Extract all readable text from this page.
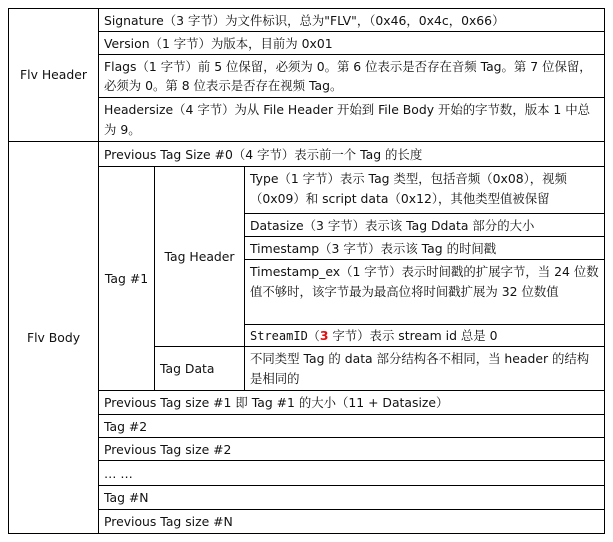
Flv Header
Signature（3 字节）为文件标识，总为"FLV"，（0x46，0x4c，0x66）
Version（1 字节）为版本，目前为 0x01
Flags（1 字节）前 5 位保留，必须为 0。第 6 位表示是否存在音频 Tag。第 7 位保留，必须为 0。第 8 位表示是否存在视频 Tag。
Headersize（4 字节）为从 File Header 开始到 File Body 开始的字节数，版本 1 中总为 9。
Flv Body
Previous Tag Size #0（4 字节）表示前一个 Tag 的长度
Tag #1
Tag Header
Type（1 字节）表示 Tag 类型，包括音频（0x08），视频（0x09）和 script data（0x12），其他类型值被保留
Datasize（3 字节）表示该 Tag Ddata 部分的大小
Timestamp（3 字节）表示该 Tag 的时间戳
Timestamp_ex（1 字节）表示时间戳的扩展字节，当 24 位数值不够时，该字节最为最高位将时间戳扩展为 32 位数值
StreamID（3 字节）表示 stream id 总是 0
Tag Data
不同类型 Tag 的 data 部分结构各不相同，当 header 的结构是相同的
Previous Tag size #1 即 Tag #1 的大小（11 + Datasize）
Tag #2
Previous Tag size #2
… …
Tag #N
Previous Tag size #N
